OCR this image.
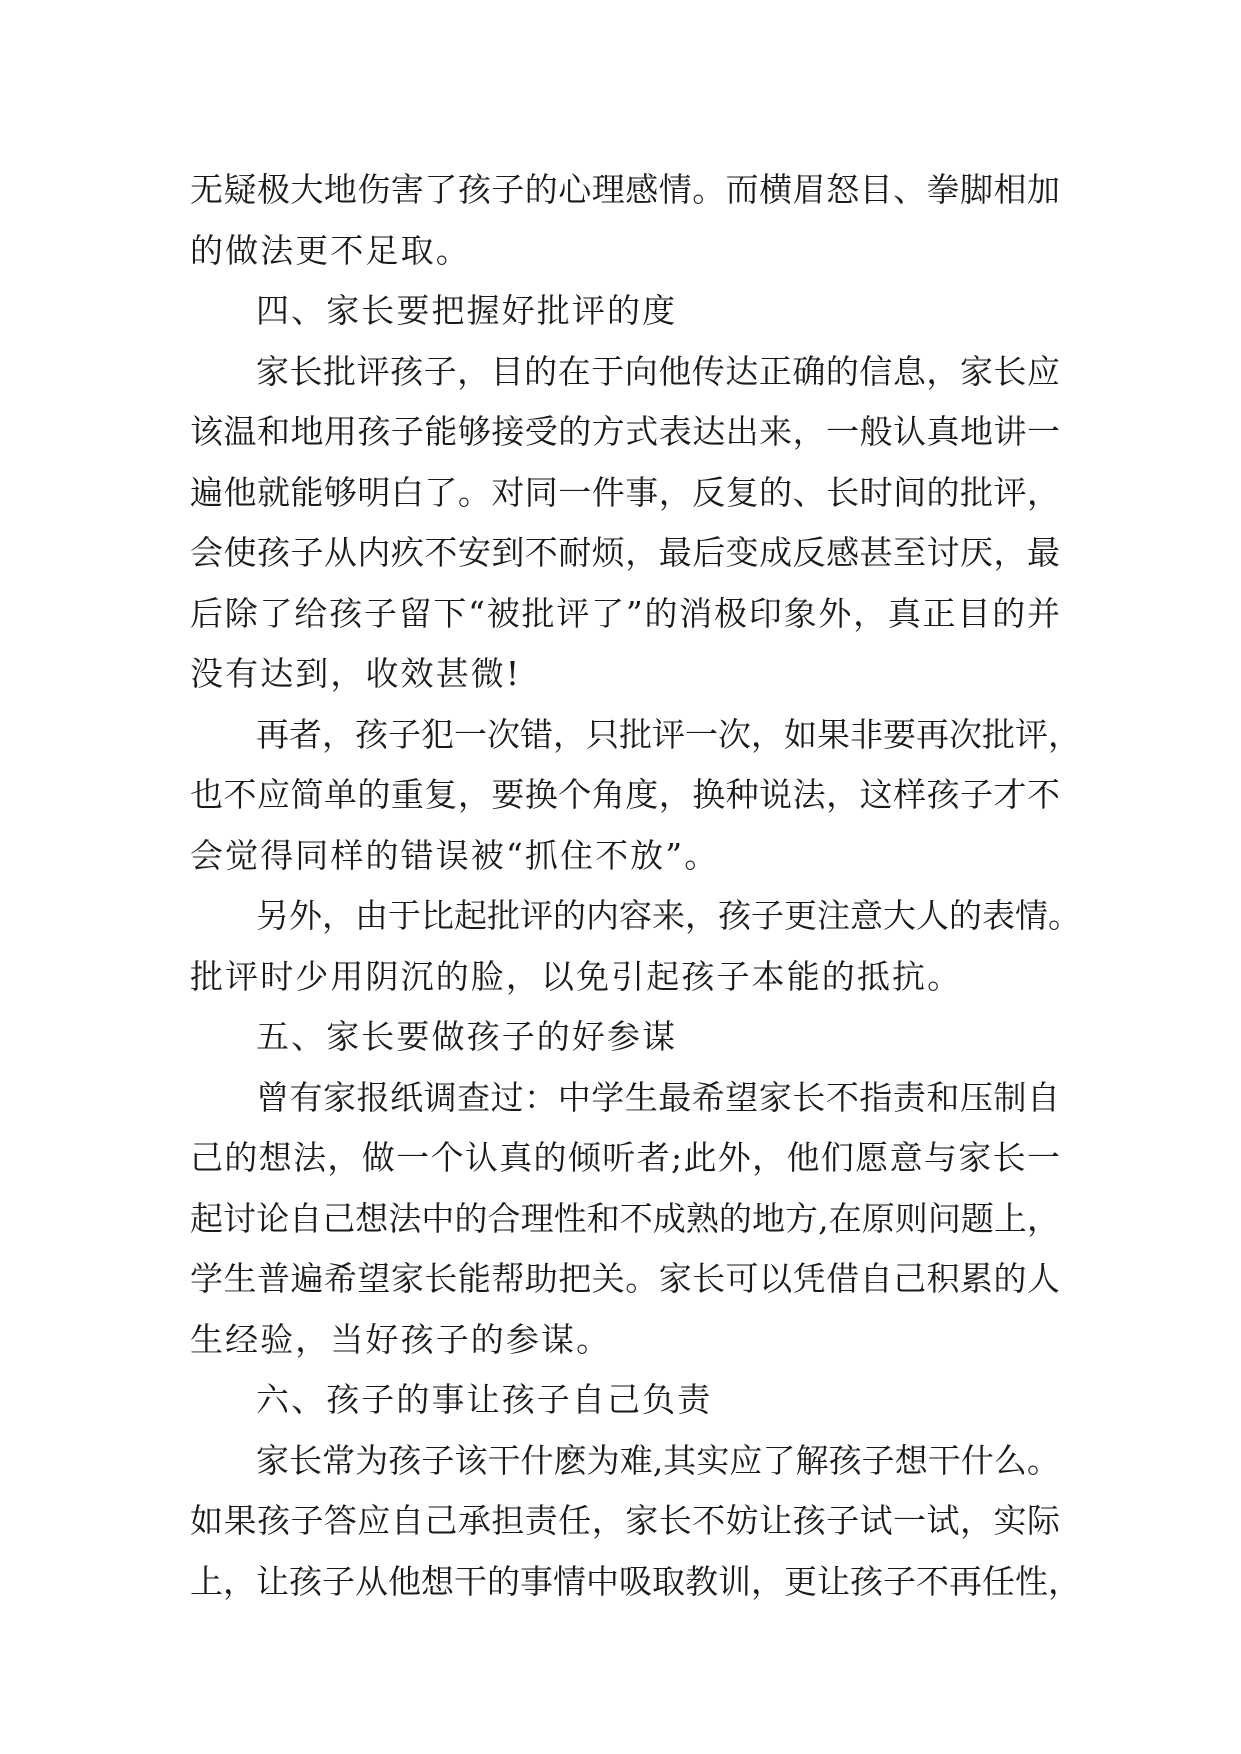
无疑极大地伤害了孩子的心理感情。而横眉怒目、拳脚相加
的做法更不足取。
四、家长要把握好批评的度
家长批评孩子，目的在于向他传达正确的信息，家长应
该温和地用孩子能够接受的方式表达出来，一般认真地讲一
遍他就能够明白了。对同一件事，反复的、长时间的批评，
会使孩子从内疚不安到不耐烦，最后变成反感甚至讨厌，最
后除了给孩子留下“被批评了”的消极印象外，真正目的并
没有达到，收效甚微!
再者，孩子犯一次错，只批评一次，如果非要再次批评，
也不应简单的重复，要换个角度，换种说法，这样孩子才不
会觉得同样的错误被“抓住不放”。
另外，由于比起批评的内容来，孩子更注意大人的表情。
批评时少用阴沉的脸，以免引起孩子本能的抵抗。
五、家长要做孩子的好参谋
曾有家报纸调查过：中学生最希望家长不指责和压制自
己的想法，做一个认真的倾听者;此外，他们愿意与家长一
起讨论自己想法中的合理性和不成熟的地方,在原则问题上，
学生普遍希望家长能帮助把关。家长可以凭借自己积累的人
生经验，当好孩子的参谋。
六、孩子的事让孩子自己负责
家长常为孩子该干什麽为难,其实应了解孩子想干什么。
如果孩子答应自己承担责任，家长不妨让孩子试一试，实际
上，让孩子从他想干的事情中吸取教训，更让孩子不再任性，
